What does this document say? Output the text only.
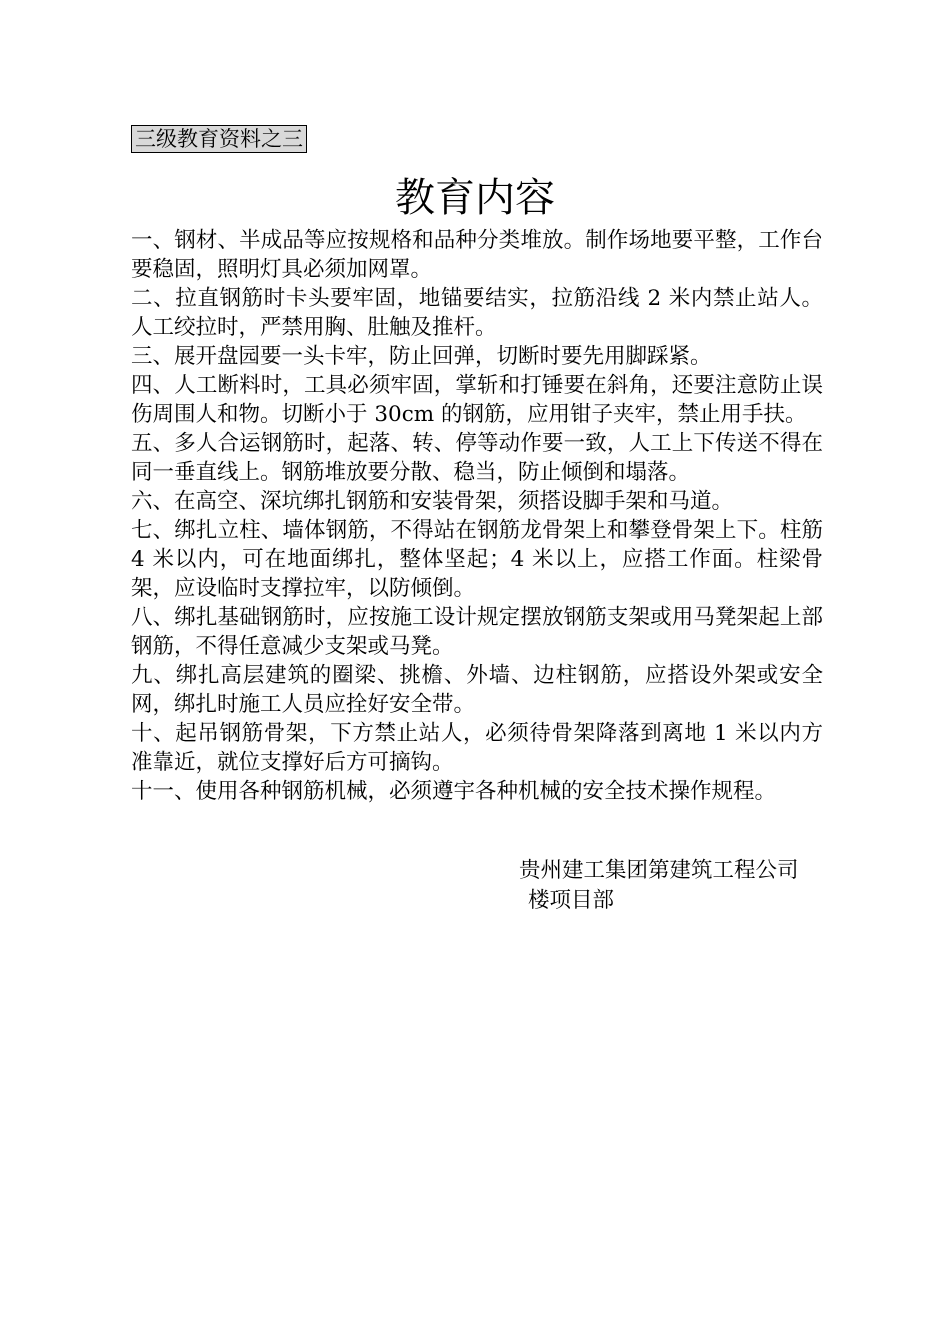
三级教育资料之三
教育内容

一、钢材、半成品等应按规格和品种分类堆放。制作场地要平整，工作台要稳固，照明灯具必须加网罩。

二、拉直钢筋时卡头要牢固，地锚要结实，拉筋沿线 2 米内禁止站人。人工绞拉时，严禁用胸、肚触及推杆。

三、展开盘园要一头卡牢，防止回弹，切断时要先用脚踩紧。

四、人工断料时，工具必须牢固，掌斩和打锤要在斜角，还要注意防止误伤周围人和物。切断小于 30cm 的钢筋，应用钳子夹牢，禁止用手扶。

五、多人合运钢筋时，起落、转、停等动作要一致，人工上下传送不得在同一垂直线上。钢筋堆放要分散、稳当，防止倾倒和塌落。

六、在高空、深坑绑扎钢筋和安装骨架，须搭设脚手架和马道。

七、绑扎立柱、墙体钢筋，不得站在钢筋龙骨架上和攀登骨架上下。柱筋 4 米以内，可在地面绑扎，整体坚起；4 米以上，应搭工作面。柱梁骨架，应设临时支撑拉牢，以防倾倒。

八、绑扎基础钢筋时，应按施工设计规定摆放钢筋支架或用马凳架起上部钢筋，不得任意减少支架或马凳。

九、绑扎高层建筑的圈梁、挑檐、外墙、边柱钢筋，应搭设外架或安全网，绑扎时施工人员应拴好安全带。

十、起吊钢筋骨架，下方禁止站人，必须待骨架降落到离地 1 米以内方准靠近，就位支撑好后方可摘钩。

十一、使用各种钢筋机械，必须遵宇各种机械的安全技术操作规程。

贵州建工集团第建筑工程公司
楼项目部
